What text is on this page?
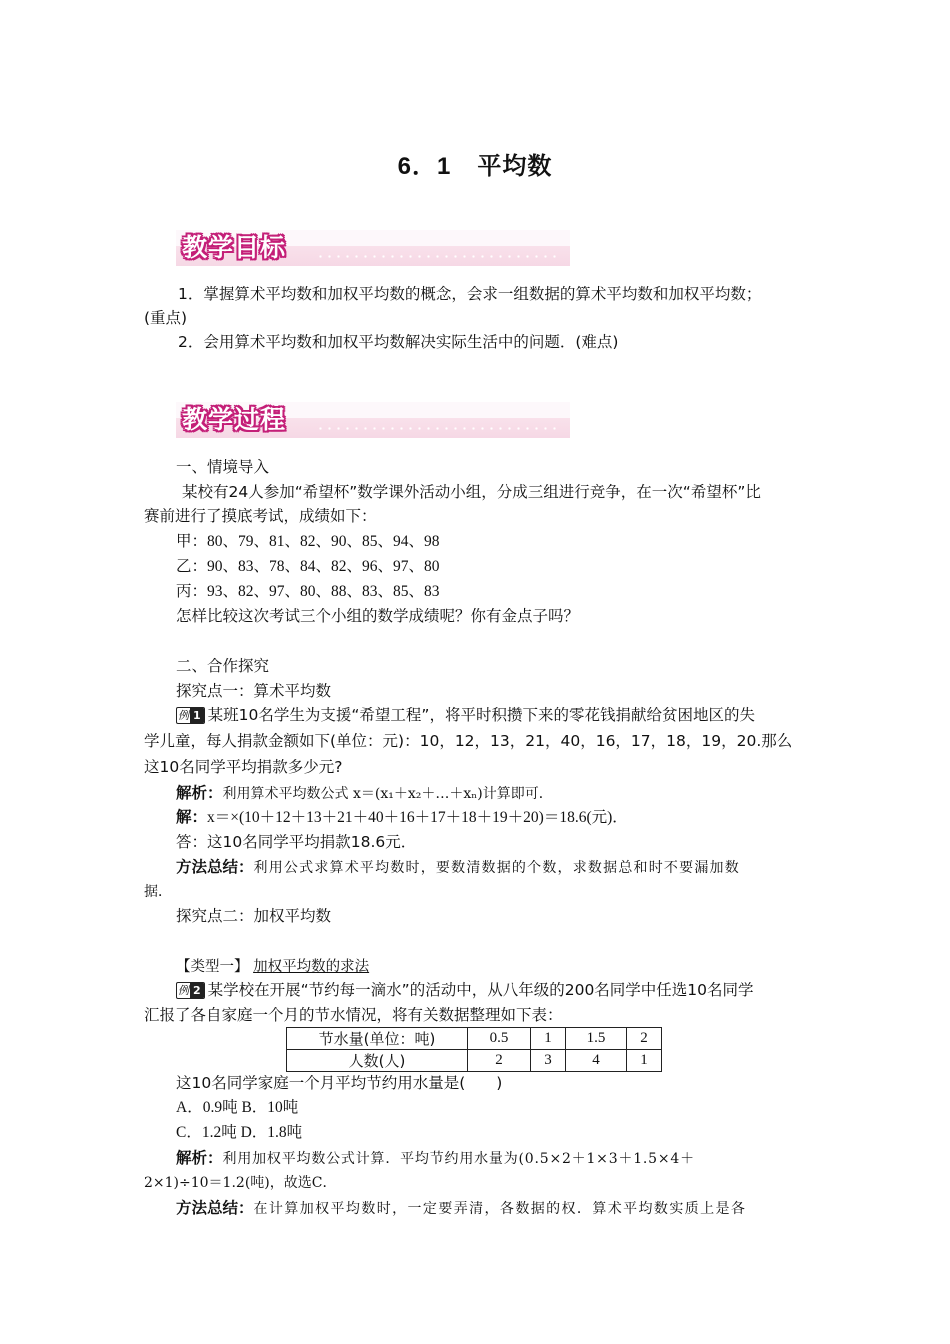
6．1 平均数
教学目标
1．掌握算术平均数和加权平均数的概念，会求一组数据的算术平均数和加权平均数；
(重点)
2．会用算术平均数和加权平均数解决实际生活中的问题．(难点)
教学过程
一、情境导入
某校有24人参加“希望杯”数学课外活动小组，分成三组进行竞争，在一次“希望杯”比
赛前进行了摸底考试，成绩如下：
甲：80、79、81、82、90、85、94、98
乙：90、83、78、84、82、96、97、80
丙：93、82、97、80、88、83、85、83
怎样比较这次考试三个小组的数学成绩呢？你有金点子吗？
二、合作探究
探究点一：算术平均数
例 1 某班10名学生为支援“希望工程”，将平时积攒下来的零花钱捐献给贫困地区的失
学儿童，每人捐款金额如下(单位：元)：10，12，13，21，40，16，17，18，19，20.那么
这10名同学平均捐款多少元?
解析：利用算术平均数公式 x＝(x₁＋x₂＋…＋xₙ)计算即可．
解：x＝×(10＋12＋13＋21＋40＋16＋17＋18＋19＋20)＝18.6(元)．
答：这10名同学平均捐款18.6元．
方法总结：利用公式求算术平均数时，要数清数据的个数，求数据总和时不要漏加数
据．
探究点二：加权平均数
【类型一】 加权平均数的求法
例 2 某学校在开展“节约每一滴水”的活动中，从八年级的200名同学中任选10名同学
汇报了各自家庭一个月的节水情况，将有关数据整理如下表：
节水量(单位：吨)	0.5	1	1.5	2
人数(人)	2	3	4	1
这10名同学家庭一个月平均节约用水量是(　　)
A．0.9吨 B．10吨
C．1.2吨 D．1.8吨
解析：利用加权平均数公式计算．平均节约用水量为(0.5×2＋1×3＋1.5×4＋
2×1)÷10＝1.2(吨)，故选C．
方法总结：在计算加权平均数时，一定要弄清，各数据的权．算术平均数实质上是各
